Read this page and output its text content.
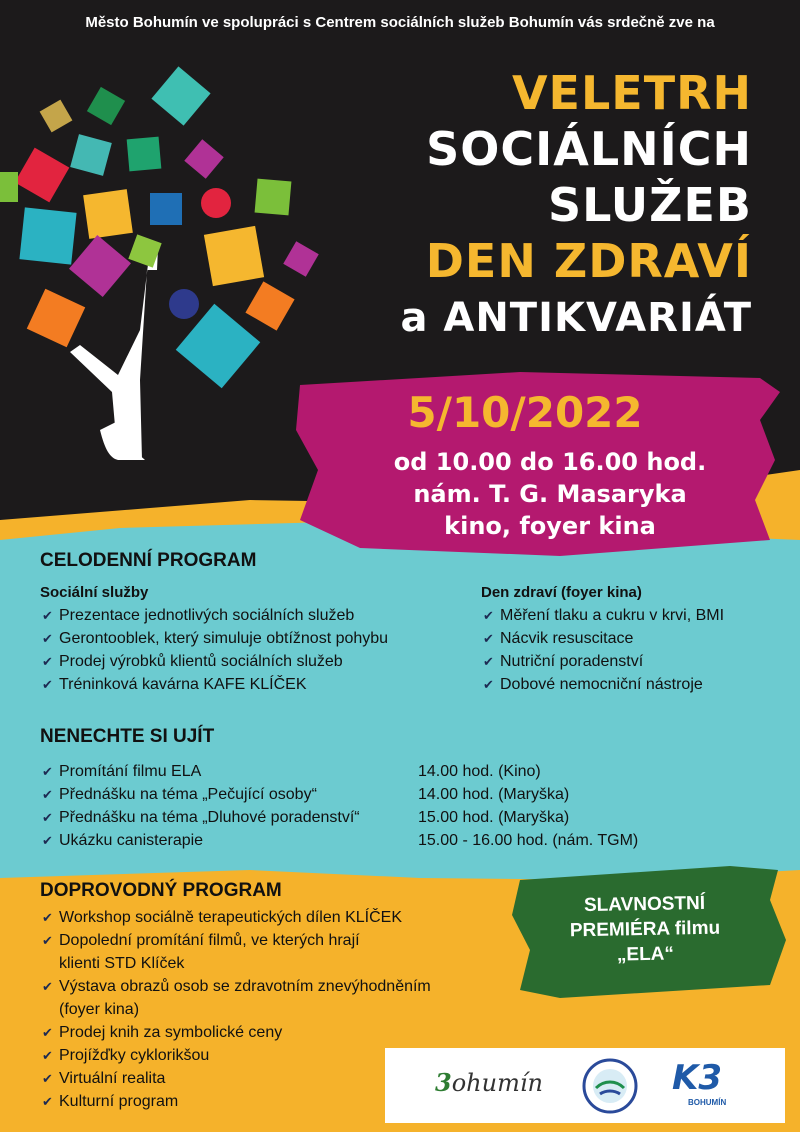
Město Bohumín ve spolupráci s Centrem sociálních služeb Bohumín vás srdečně zve na
VELETRH
SOCIÁLNÍCH
SLUŽEB
DEN ZDRAVÍ
a ANTIKVARIÁT
5/10/2022
od 10.00 do 16.00 hod.
nám. T. G. Masaryka
kino, foyer kina
CELODENNÍ PROGRAM
Sociální služby
✔ Prezentace jednotlivých sociálních služeb
✔ Gerontooblek, který simuluje obtížnost pohybu
✔ Prodej výrobků klientů sociálních služeb
✔ Tréninková kavárna KAFE KLÍČEK
Den zdraví (foyer kina)
✔ Měření tlaku a cukru v krvi, BMI
✔ Nácvik resuscitace
✔ Nutriční poradenství
✔ Dobové nemocniční nástroje
NENECHTE SI UJÍT
✔ Promítání filmu ELA
✔ Přednášku na téma „Pečující osoby“
✔ Přednášku na téma „Dluhové poradenství“
✔ Ukázku canisterapie
14.00 hod. (Kino)
14.00 hod. (Maryška)
15.00 hod. (Maryška)
15.00 - 16.00 hod. (nám. TGM)
DOPROVODNÝ PROGRAM
✔ Workshop sociálně terapeutických dílen KLÍČEK
✔ Dopolední promítání filmů, ve kterých hrají
klienti STD Klíček
✔ Výstava obrazů osob se zdravotním znevýhodněním
(foyer kina)
✔ Prodej knih za symbolické ceny
✔ Projížďky cyklorikšou
✔ Virtuální realita
✔ Kulturní program
SLAVNOSTNÍ
PREMIÉRA filmu
„ELA“
3ohumín	K3
BOHUMÍN
